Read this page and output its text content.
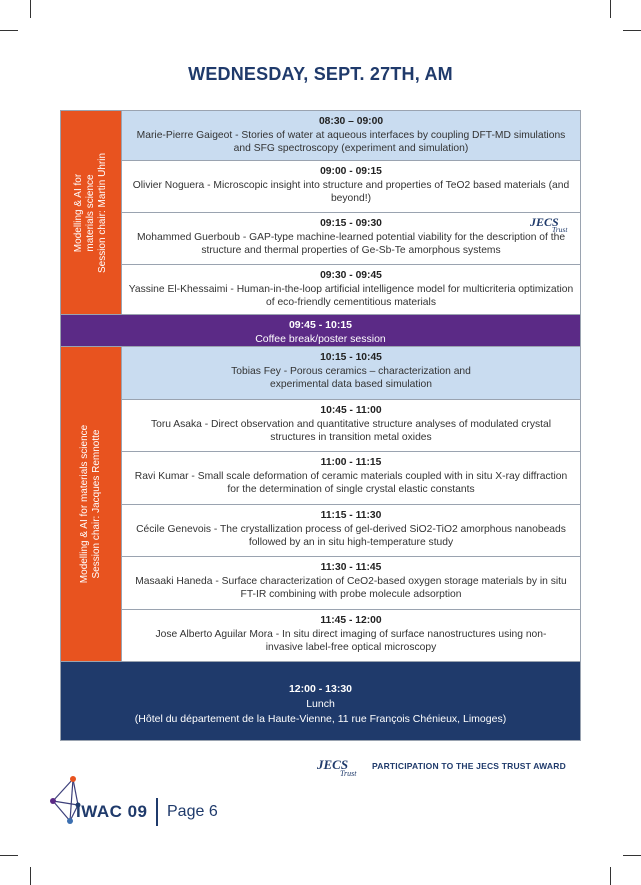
WEDNESDAY, SEPT. 27TH, AM
Modelling & AI for materials science Session chair: Martin Uhrin
08:30 – 09:00
Marie-Pierre Gaigeot - Stories of water at aqueous interfaces by coupling DFT-MD simulations and SFG spectroscopy (experiment and simulation)
09:00 - 09:15
Olivier Noguera - Microscopic insight into structure and properties of TeO2 based materials (and beyond!)
JECS
Trust
09:15 - 09:30
Mohammed Guerboub - GAP-type machine-learned potential viability for the description of the structure and thermal properties of Ge-Sb-Te amorphous systems
09:30 - 09:45
Yassine El-Khessaimi - Human-in-the-loop artificial intelligence model for multicriteria optimization of eco-friendly cementitious materials
09:45 - 10:15
Coffee break/poster session
Modelling & AI for materials science Session chair: Jacques Remnotte
10:15 - 10:45
Tobias Fey - Porous ceramics – characterization and experimental data based simulation
10:45 - 11:00
Toru Asaka - Direct observation and quantitative structure analyses of modulated crystal structures in transition metal oxides
11:00 - 11:15
Ravi Kumar - Small scale deformation of ceramic materials coupled with in situ X-ray diffraction for the determination of single crystal elastic constants
11:15 - 11:30
Cécile Genevois - The crystallization process of gel-derived SiO2-TiO2 amorphous nanobeads followed by an in situ high-temperature study
11:30 - 11:45
Masaaki Haneda - Surface characterization of CeO2-based oxygen storage materials by in situ FT-IR combining with probe molecule adsorption
11:45 - 12:00
Jose Alberto Aguilar Mora - In situ direct imaging of surface nanostructures using non-invasive label-free optical microscopy
12:00 - 13:30
Lunch
(Hôtel du département de la Haute-Vienne, 11 rue François Chénieux, Limoges)
JECS
Trust
PARTICIPATION TO THE JECS TRUST AWARD
IWAC 09 Page 6
